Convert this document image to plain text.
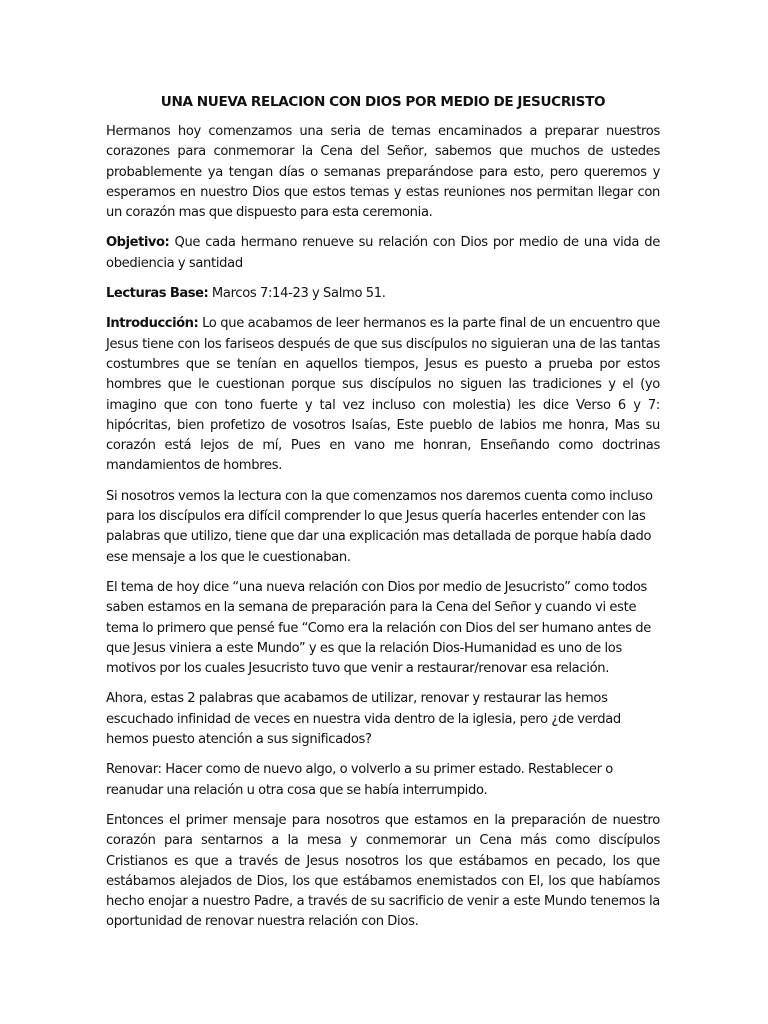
UNA NUEVA RELACION CON DIOS POR MEDIO DE JESUCRISTO

Hermanos hoy comenzamos una seria de temas encaminados a preparar nuestros corazones para conmemorar la Cena del Señor, sabemos que muchos de ustedes probablemente ya tengan días o semanas preparándose para esto, pero queremos y esperamos en nuestro Dios que estos temas y estas reuniones nos permitan llegar con un corazón mas que dispuesto para esta ceremonia.

Objetivo: Que cada hermano renueve su relación con Dios por medio de una vida de obediencia y santidad

Lecturas Base: Marcos 7:14-23 y Salmo 51.

Introducción: Lo que acabamos de leer hermanos es la parte final de un encuentro que Jesus tiene con los fariseos después de que sus discípulos no siguieran una de las tantas costumbres que se tenían en aquellos tiempos, Jesus es puesto a prueba por estos hombres que le cuestionan porque sus discípulos no siguen las tradiciones y el (yo imagino que con tono fuerte y tal vez incluso con molestia) les dice Verso 6 y 7: hipócritas, bien profetizo de vosotros Isaías, Este pueblo de labios me honra, Mas su corazón está lejos de mí, Pues en vano me honran, Enseñando como doctrinas mandamientos de hombres.

Si nosotros vemos la lectura con la que comenzamos nos daremos cuenta como incluso para los discípulos era difícil comprender lo que Jesus quería hacerles entender con las palabras que utilizo, tiene que dar una explicación mas detallada de porque había dado ese mensaje a los que le cuestionaban.

El tema de hoy dice “una nueva relación con Dios por medio de Jesucristo” como todos saben estamos en la semana de preparación para la Cena del Señor y cuando vi este tema lo primero que pensé fue “Como era la relación con Dios del ser humano antes de que Jesus viniera a este Mundo” y es que la relación Dios-Humanidad es uno de los motivos por los cuales Jesucristo tuvo que venir a restaurar/renovar esa relación.

Ahora, estas 2 palabras que acabamos de utilizar, renovar y restaurar las hemos escuchado infinidad de veces en nuestra vida dentro de la iglesia, pero ¿de verdad hemos puesto atención a sus significados?

Renovar: Hacer como de nuevo algo, o volverlo a su primer estado. Restablecer o reanudar una relación u otra cosa que se había interrumpido.

Entonces el primer mensaje para nosotros que estamos en la preparación de nuestro corazón para sentarnos a la mesa y conmemorar un Cena más como discípulos Cristianos es que a través de Jesus nosotros los que estábamos en pecado, los que estábamos alejados de Dios, los que estábamos enemistados con El, los que habíamos hecho enojar a nuestro Padre, a través de su sacrificio de venir a este Mundo tenemos la oportunidad de renovar nuestra relación con Dios.
